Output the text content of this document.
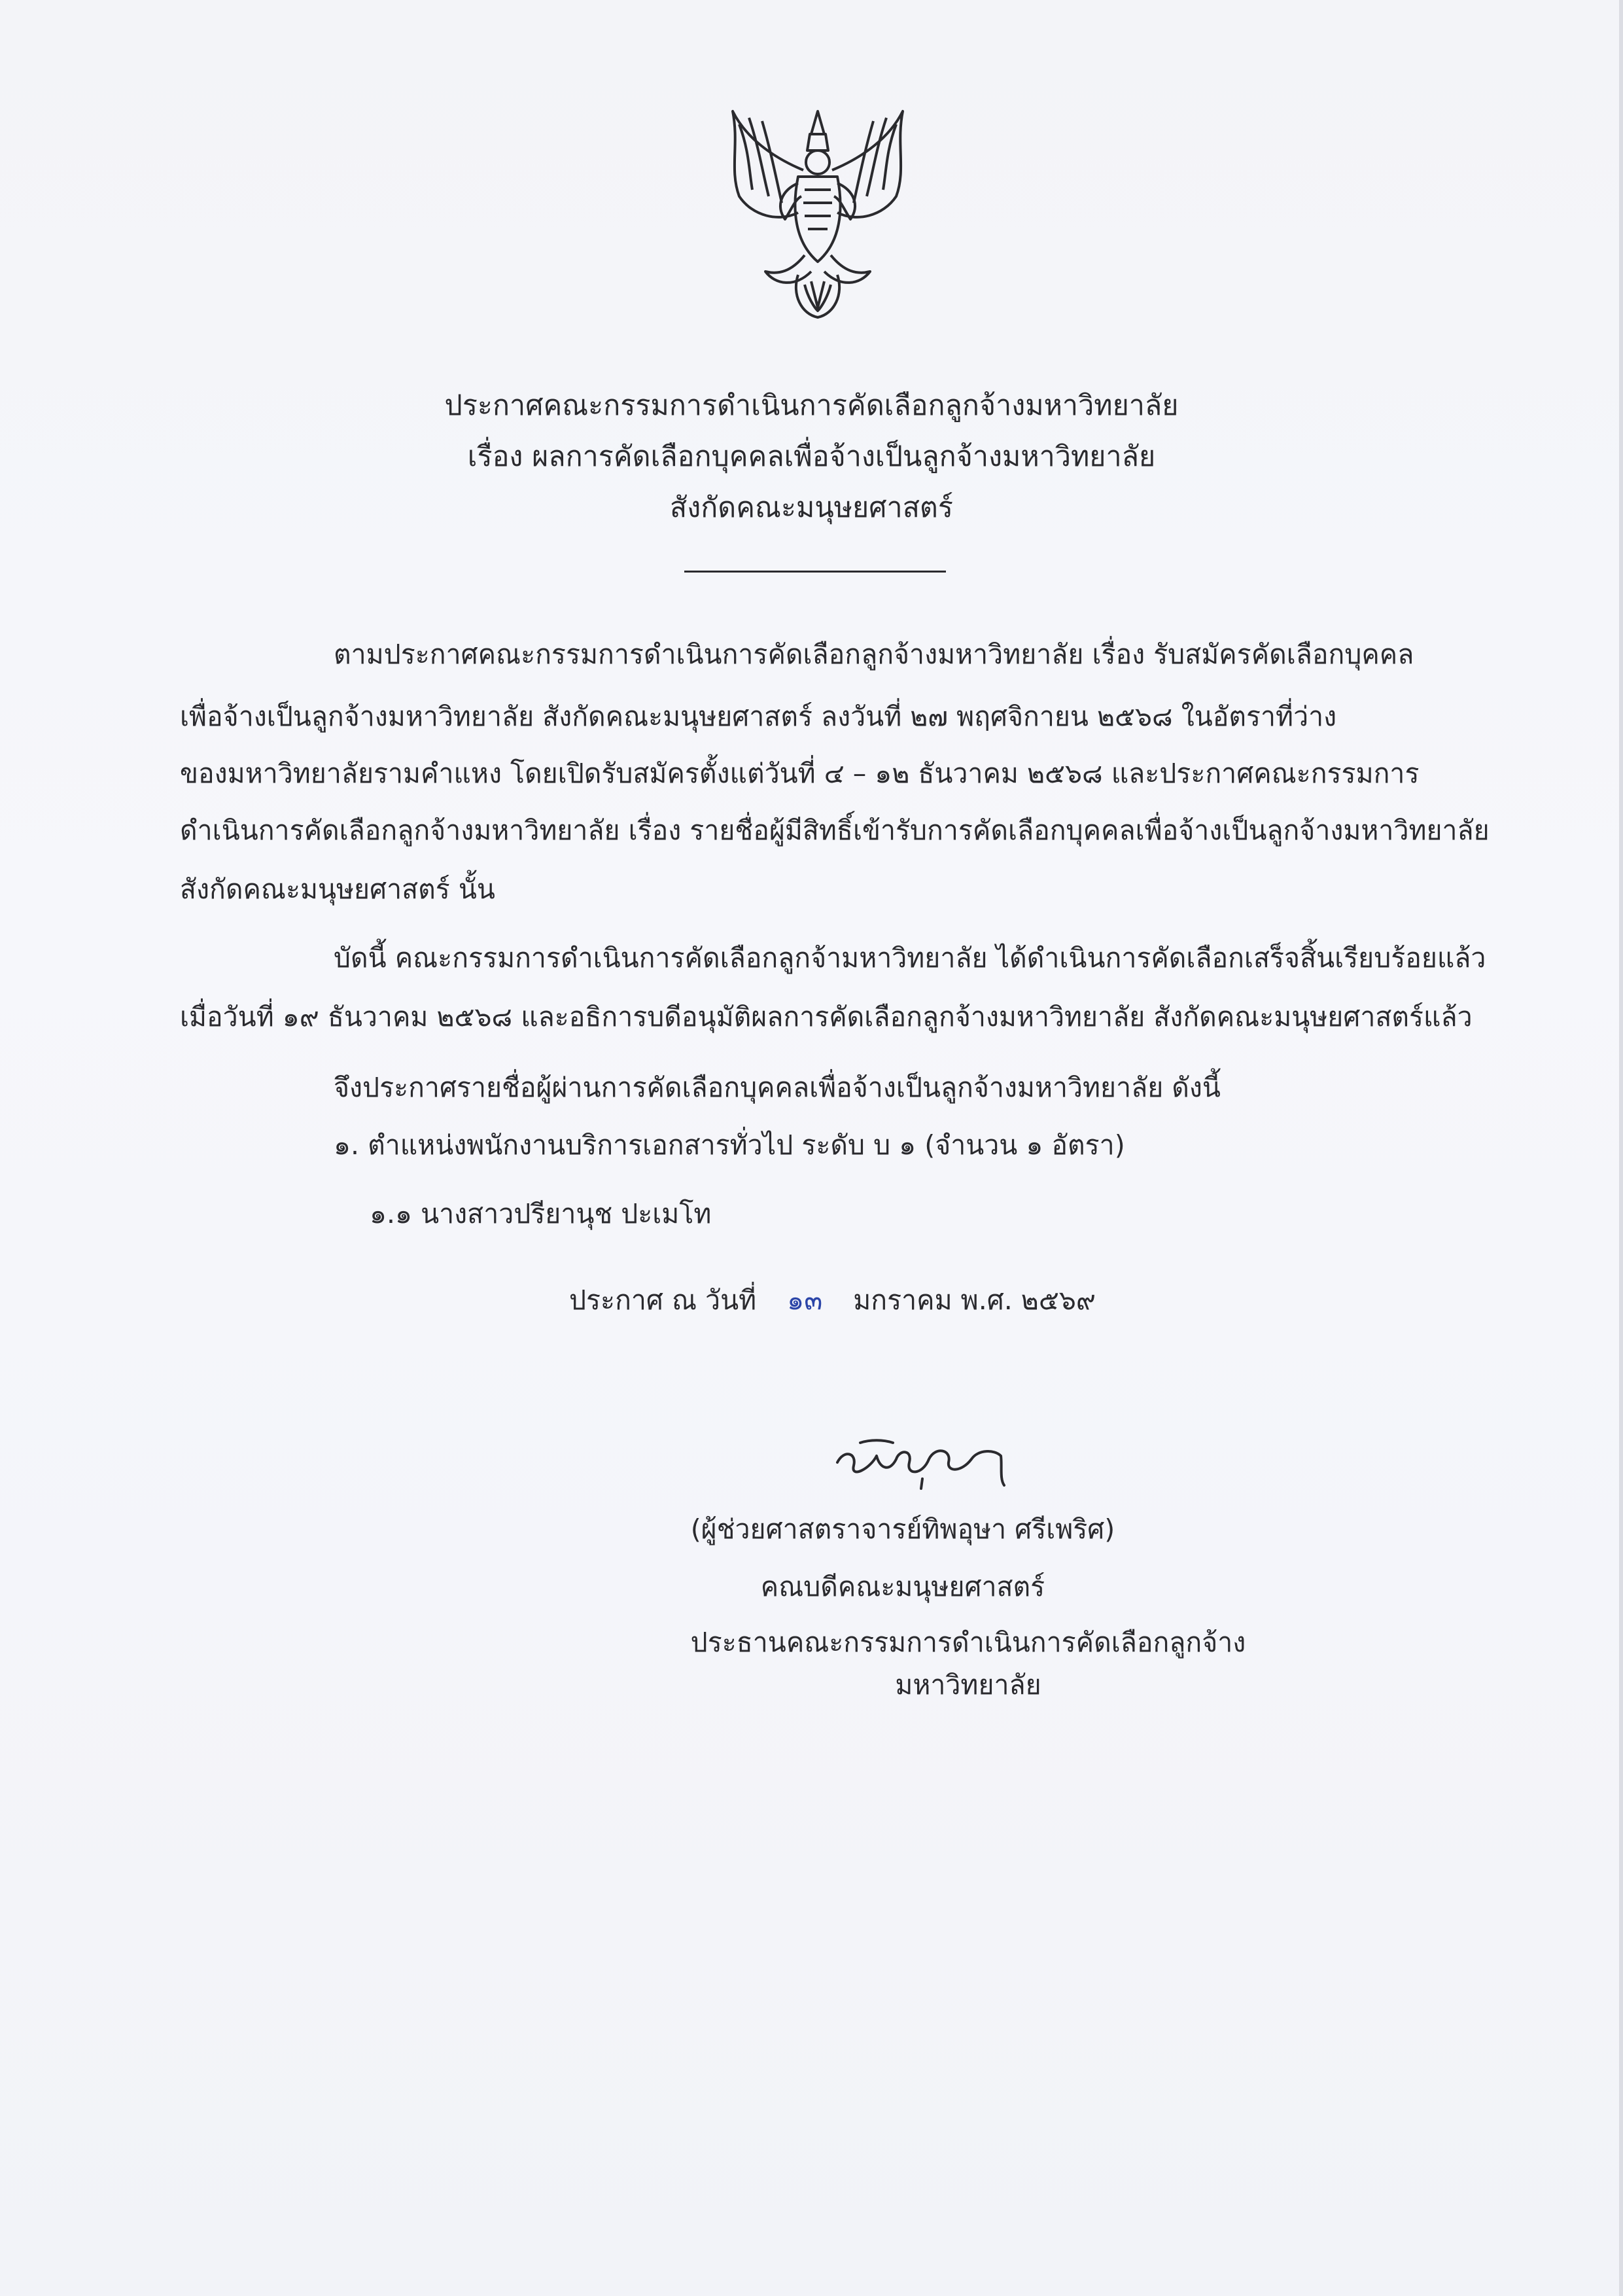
ประกาศคณะกรรมการดำเนินการคัดเลือกลูกจ้างมหาวิทยาลัย
เรื่อง ผลการคัดเลือกบุคคลเพื่อจ้างเป็นลูกจ้างมหาวิทยาลัย
สังกัดคณะมนุษยศาสตร์
ตามประกาศคณะกรรมการดำเนินการคัดเลือกลูกจ้างมหาวิทยาลัย เรื่อง รับสมัครคัดเลือกบุคคล
เพื่อจ้างเป็นลูกจ้างมหาวิทยาลัย สังกัดคณะมนุษยศาสตร์ ลงวันที่ ๒๗ พฤศจิกายน ๒๕๖๘ ในอัตราที่ว่าง
ของมหาวิทยาลัยรามคำแหง โดยเปิดรับสมัครตั้งแต่วันที่ ๔ – ๑๒ ธันวาคม ๒๕๖๘ และประกาศคณะกรรมการ
ดำเนินการคัดเลือกลูกจ้างมหาวิทยาลัย เรื่อง รายชื่อผู้มีสิทธิ์เข้ารับการคัดเลือกบุคคลเพื่อจ้างเป็นลูกจ้างมหาวิทยาลัย
สังกัดคณะมนุษยศาสตร์ นั้น
บัดนี้ คณะกรรมการดำเนินการคัดเลือกลูกจ้ามหาวิทยาลัย ได้ดำเนินการคัดเลือกเสร็จสิ้นเรียบร้อยแล้ว
เมื่อวันที่ ๑๙ ธันวาคม ๒๕๖๘ และอธิการบดีอนุมัติผลการคัดเลือกลูกจ้างมหาวิทยาลัย สังกัดคณะมนุษยศาสตร์แล้ว
จึงประกาศรายชื่อผู้ผ่านการคัดเลือกบุคคลเพื่อจ้างเป็นลูกจ้างมหาวิทยาลัย ดังนี้
๑. ตำแหน่งพนักงานบริการเอกสารทั่วไป ระดับ บ ๑ (จำนวน ๑ อัตรา)
๑.๑ นางสาวปรียานุช ปะเมโท
ประกาศ ณ วันที่ ๑๓ มกราคม พ.ศ. ๒๕๖๙
(ผู้ช่วยศาสตราจารย์ทิพอุษา ศรีเพริศ)
คณบดีคณะมนุษยศาสตร์
ประธานคณะกรรมการดำเนินการคัดเลือกลูกจ้างมหาวิทยาลัย
